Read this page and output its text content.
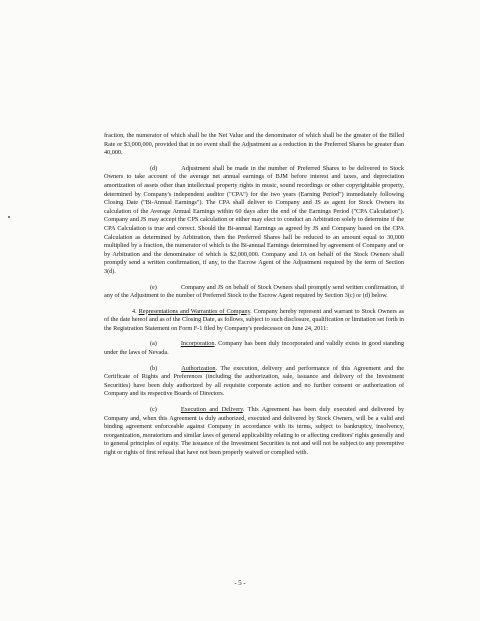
fraction, the numerator of which shall be the Net Value and the denominator of which shall be the greater of the Billed Rate or $3,000,000, provided that in no event shall the Adjustment as a reduction in the Preferred Shares be greater than 40,000.

(d)	Adjustment shall be made in the number of Preferred Shares to be delivered to Stock Owners to take account of the average net annual earnings of BJM before interest and taxes, and depreciation amortization of assets other than intellectual property rights in music, sound recordings or other copyrightable property, determined by Company's independent auditor ("CPA") for the two years (Earning Period") immediately following Closing Date ("Bi-Annual Earnings"). The CPA shall deliver to Company and JS as agent for Stock Owners its calculation of the Average Annual Earnings within 60 days after the end of the Earnings Period ("CPA Calculation"). Company and JS may accept the CPS calculation or either may elect to conduct an Arbitration solely to determine if the CPA Calculation is true and correct. Should the Bi-annual Earnings as agreed by JS and Company based on the CPA Calculation as determined by Arbitration, then the Preferred Shares hall be reduced to an amount equal to 30,000 multiplied by a fraction, the numerator of which is the Bi-annual Earnings determined by agreement of Company and or by Arbitration and the denominator of which is $2,000,000. Company and JA on behalf of the Stock Owners shall promptly send a written confirmation, if any, to the Escrow Agent of the Adjustment required by the term of Section 3(d).

(e)	Company and JS on behalf of Stock Owners shall promptly send written confirmation, if any of the Adjustment to the number of Preferred Stock to the Escrow Agent required by Section 3(c) or (d) below.

4. Representations and Warranties of Company. Company hereby represent and warrant to Stock Owners as of the date hereof and as of the Closing Date, as follows, subject to such disclosure, qualification or limitation set forth in the Registration Statement on Form F-1 filed by Company's predecessor on June 24, 2011:

(a)	Incorporation. Company has been duly incorporated and validly exists in good standing under the laws of Nevada.

(b)	Authorization. The execution, delivery and performance of this Agreement and the Certificate of Rights and Preferences (including the authorization, sale, issuance and delivery of the Investment Securities) have been duly authorized by all requisite corporate action and no further consent or authorization of Company and its respective Boards of Directors.

(c)	Execution and Delivery. This Agreement has been duly executed and delivered by Company and, when this Agreement is duly authorized, executed and delivered by Stock Owners, will be a valid and binding agreement enforceable against Company in accordance with its terms, subject to bankruptcy, insolvency, reorganization, moratorium and similar laws of general applicability relating to or affecting creditors' rights generally and to general principles of equity. The issuance of the Investment Securities is not and will not be subject to any preemptive right or rights of first refusal that have not been properly waived or complied with.

- 5 -
